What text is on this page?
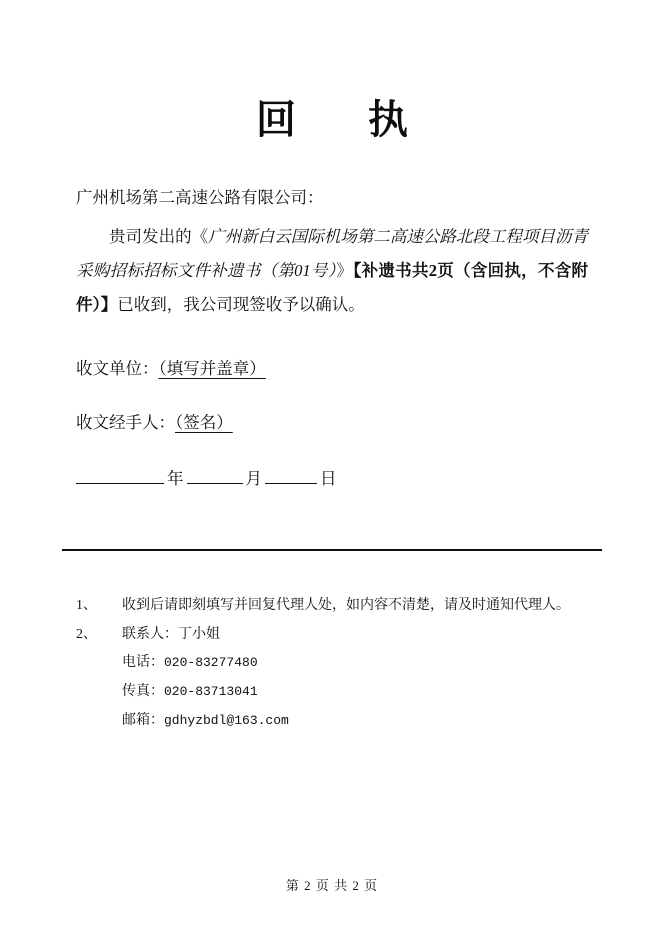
回执
广州机场第二高速公路有限公司：
贵司发出的《广州新白云国际机场第二高速公路北段工程项目沥青采购招标招标文件补遗书（第01号）》【补遗书共2页（含回执，不含附件）】已收到，我公司现签收予以确认。
收文单位：（填写并盖章）
收文经手人：（签名）
年	月	日
1、	收到后请即刻填写并回复代理人处，如内容不清楚，请及时通知代理人。
2、	联系人：丁小姐
电话：020-83277480
传真：020-83713041
邮箱：gdhyzbdl@163.com
第 2 页 共 2 页
